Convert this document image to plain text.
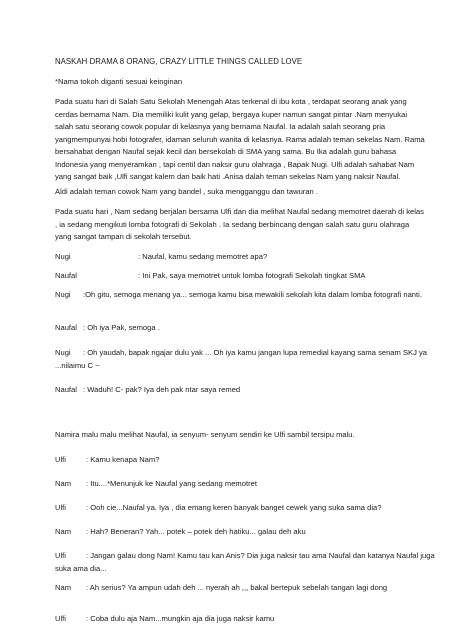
NASKAH DRAMA 8 ORANG, CRAZY LITTLE THINGS CALLED LOVE

*Nama tokoh diganti sesuai keinginan

Pada suatu hari di Salah Satu Sekolah Menengah Atas terkenal di ibu kota , terdapat seorang anak yang cerdas bernama Nam. Dia memiliki kulit yang gelap, bergaya kuper namun sangat pintar .Nam menyukai salah satu seorang cowok popular di kelasnya yang bernama Naufal. Ia adalah salah seorang pria yangmempunyai hobi fotografer, idaman seluruh wanita di kelasnya. Rama adalah teman sekelas Nam. Rama bersahabat dengan Naufal sejak kecil dan bersekolah di SMA yang sama. Bu Ika adalah guru bahasa Indonesia yang menyeramkan , tapi centil dan naksir guru olahraga , Bapak Nugi. Ulfi adalah sahabat Nam yang sangat baik ,Ulfi sangat kalem dan baik hati .Anisa dalah teman sekelas Nam yang naksir Naufal.

Aldi adalah teman cowok Nam yang bandel , suka mengganggu dan tawuran .

Pada suatu hari , Nam sedang berjalan bersama Ulfi dan dia melihat Naufal sedang memotret daerah di kelas , ia sedang mengikuti lomba fotografi di Sekolah . Ia sedang berbincang dengan salah satu guru olahraga yang sangat tampan di sekolah tersebut.

Nugi	: Naufal, kamu sedang memotret apa?
Naufal	: Ini Pak, saya memotret untuk lomba fotografi Sekolah tingkat SMA
Nugi :Oh gitu, semoga menang ya... semoga kamu bisa mewakili sekolah kita dalam lomba fotografi nanti.
Naufal : Oh iya Pak, semoga .
Nugi : Oh yaudah, bapak ngajar dulu yak ... Oh iya kamu jangan lupa remedial kayang sama senam SKJ ya ...nilaimu C ~
Naufal : Waduh! C- pak? Iya deh pak ntar saya remed

Namira malu malu melihat Naufal, ia senyum- senyum sendiri ke Ulfi sambil tersipu malu.

Ulfi	: Kamu kenapa Nam?
Nam : Itu....*Menunjuk ke Naufal yang sedang memotret
Ulfi	: Ooh cie...Naufal ya. Iya , dia emang keren banyak banget cewek yang suka sama dia?
Nam : Hah? Beneran? Yah... potek – potek deh hatiku... galau deh aku
Ulfi	: Jangan galau dong Nam! Kamu tau kan Anis? Dia juga naksir tau ama Naufal dan katanya Naufal juga suka ama dia...
Nam : Ah serius? Ya ampun udah deh ... nyerah ah ,,, bakal bertepuk sebelah tangan lagi dong
Ulfi	: Coba dulu aja Nam...mungkin aja dia juga naksir kamu
